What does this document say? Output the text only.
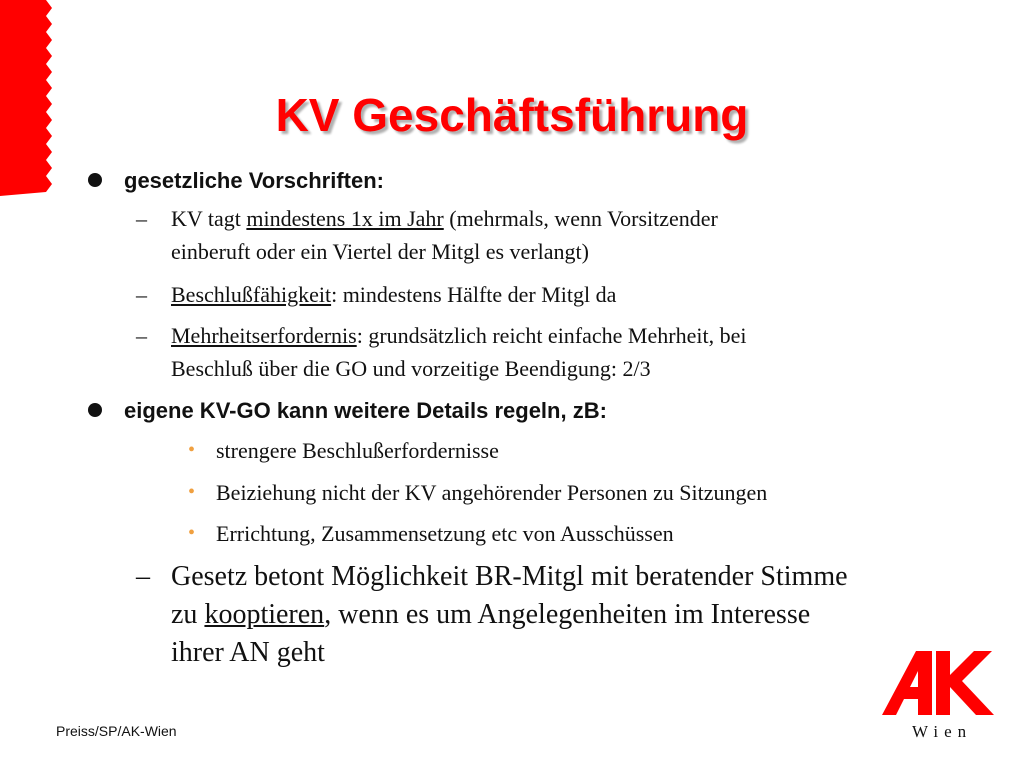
KV Geschäftsführung
gesetzliche Vorschriften:
– KV tagt mindestens 1x im Jahr (mehrmals, wenn Vorsitzender
einberuft oder ein Viertel der Mitgl es verlangt)
– Beschlußfähigkeit: mindestens Hälfte der Mitgl da
– Mehrheitserfordernis: grundsätzlich reicht einfache Mehrheit, bei
Beschluß über die GO und vorzeitige Beendigung: 2/3
eigene KV-GO kann weitere Details regeln, zB:
• strengere Beschlußerfordernisse
• Beiziehung nicht der KV angehörender Personen zu Sitzungen
• Errichtung, Zusammensetzung etc von Ausschüssen
– Gesetz betont Möglichkeit BR-Mitgl mit beratender Stimme
zu kooptieren, wenn es um Angelegenheiten im Interesse
ihrer AN geht
Preiss/SP/AK-Wien	Wien
